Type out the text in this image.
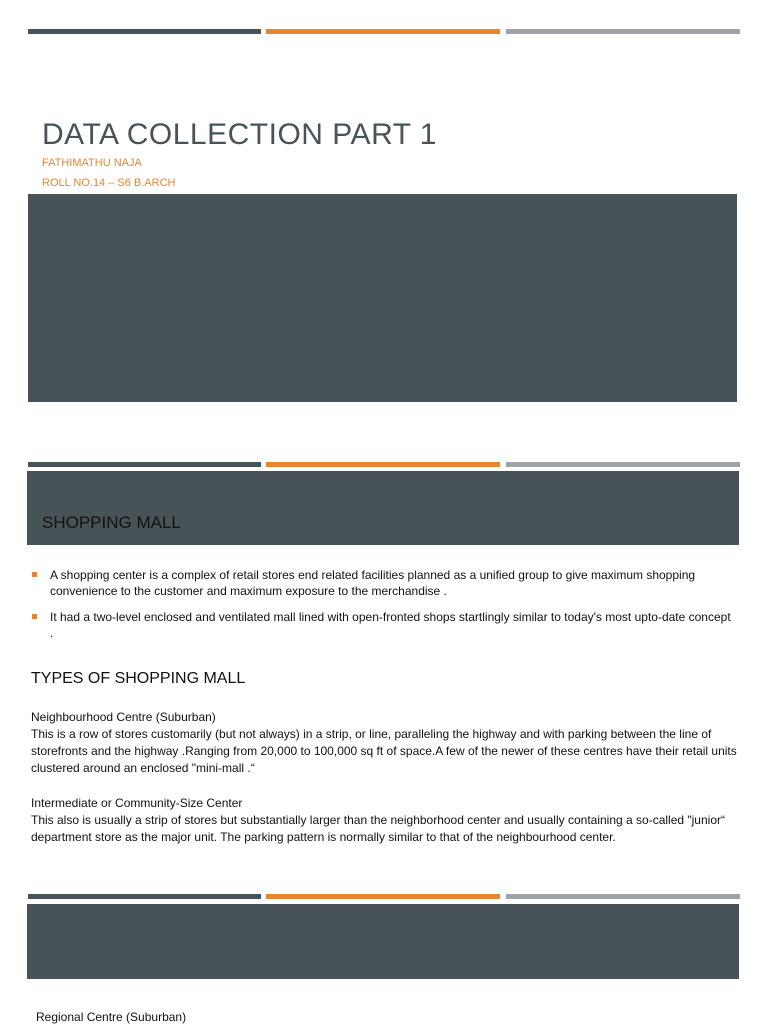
DATA COLLECTION PART 1
FATHIMATHU NAJA
ROLL NO.14 – S6 B.ARCH
SHOPPING MALL
A shopping center is a complex of retail stores end related facilities planned as a unified group to give maximum shopping convenience to the customer and maximum exposure to the merchandise .
It had a two-level enclosed and ventilated mall lined with open-fronted shops startlingly similar to today's most upto-date concept .
TYPES OF SHOPPING MALL

Neighbourhood Centre (Suburban)

This is a row of stores customarily (but not always) in a strip, or line, paralleling the highway and with parking between the line of storefronts and the highway .Ranging from 20,000 to 100,000 sq ft of space.A few of the newer of these centres have their retail units clustered around an enclosed "mini-mall .“

Intermediate or Community-Size Center

This also is usually a strip of stores but substantially larger than the neighborhood center and usually containing a so-called "junior“ department store as the major unit. The parking pattern is normally similar to that of the neighbourhood center.

Regional Centre (Suburban)
